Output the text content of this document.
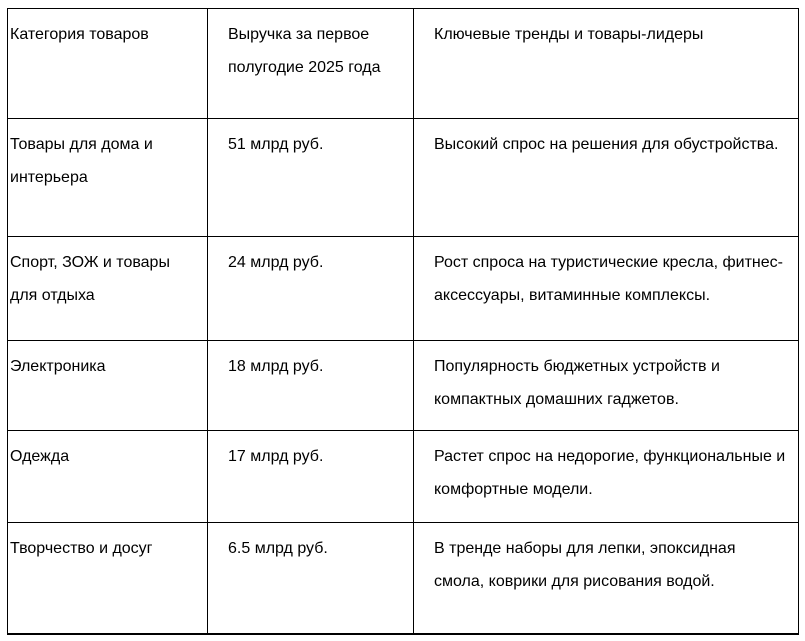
Категория товаров	Выручка за первое полугодие 2025 года	Ключевые тренды и товары-лидеры
Товары для дома и интерьера	51 млрд руб.	Высокий спрос на решения для обустройства.
Спорт, ЗОЖ и товары для отдыха	24 млрд руб.	Рост спроса на туристические кресла, фитнес-аксессуары, витаминные комплексы.
Электроника	18 млрд руб.	Популярность бюджетных устройств и компактных домашних гаджетов.
Одежда	17 млрд руб.	Растет спрос на недорогие, функциональные и комфортные модели.
Творчество и досуг	6.5 млрд руб.	В тренде наборы для лепки, эпоксидная смола, коврики для рисования водой.
